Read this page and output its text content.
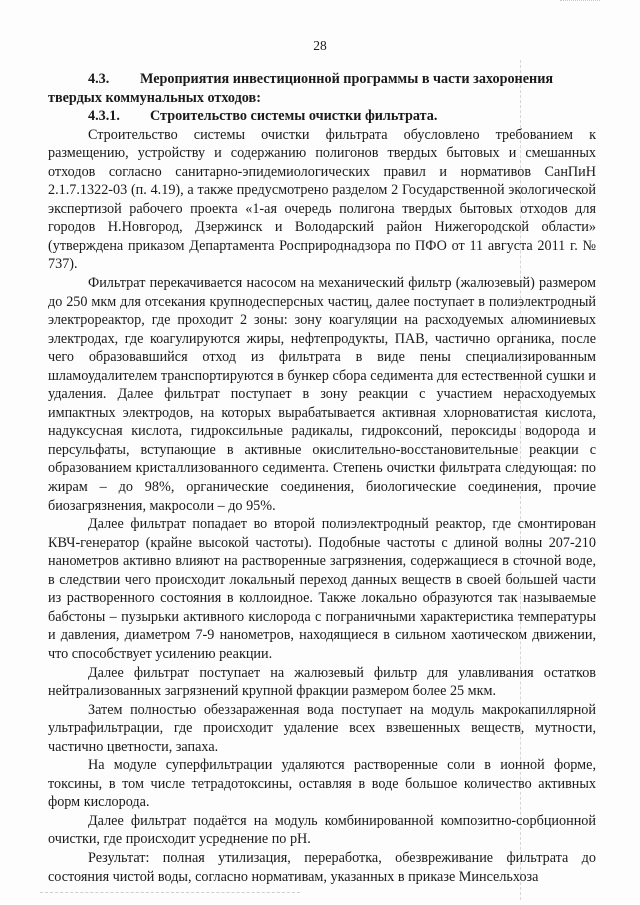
28

4.3. Мероприятия инвестиционной программы в части захоронения

твердых коммунальных отходов:

4.3.1. Строительство системы очистки фильтрата.

Строительство системы очистки фильтрата обусловлено требованием к размещению, устройству и содержанию полигонов твердых бытовых и смешанных отходов согласно санитарно-эпидемиологических правил и нормативов СанПиН 2.1.7.1322-03 (п. 4.19), а также предусмотрено разделом 2 Государственной экологической экспертизой рабочего проекта «1-ая очередь полигона твердых бытовых отходов для городов Н.Новгород, Дзержинск и Володарский район Нижегородской области» (утверждена приказом Департамента Росприроднадзора по ПФО от 11 августа 2011 г. № 737).

Фильтрат перекачивается насосом на механический фильтр (жалюзевый) размером до 250 мкм для отсекания крупнодесперсных частиц, далее поступает в полиэлектродный электрореактор, где проходит 2 зоны: зону коагуляции на расходуемых алюминиевых электродах, где коагулируются жиры, нефтепродукты, ПАВ, частично органика, после чего образовавшийся отход из фильтрата в виде пены специализированным шламоудалителем транспортируются в бункер сбора седимента для естественной сушки и удаления. Далее фильтрат поступает в зону реакции с участием нерасходуемых импактных электродов, на которых вырабатывается активная хлорноватистая кислота, надуксусная кислота, гидроксильные радикалы, гидроксоний, пероксиды водорода и персульфаты, вступающие в активные окислительно-восстановительные реакции с образованием кристаллизованного седимента. Степень очистки фильтрата следующая: по жирам – до 98%, органические соединения, биологические соединения, прочие биозагрязнения, макросоли – до 95%.

Далее фильтрат попадает во второй полиэлектродный реактор, где смонтирован КВЧ-генератор (крайне высокой частоты). Подобные частоты с длиной волны 207-210 нанометров активно влияют на растворенные загрязнения, содержащиеся в сточной воде, в следствии чего происходит локальный переход данных веществ в своей большей части из растворенного состояния в коллоидное. Также локально образуются так называемые бабстоны – пузырьки активного кислорода с пограничными характеристика температуры и давления, диаметром 7-9 нанометров, находящиеся в сильном хаотическом движении, что способствует усилению реакции.

Далее фильтрат поступает на жалюзевый фильтр для улавливания остатков нейтрализованных загрязнений крупной фракции размером более 25 мкм.

Затем полностью обеззараженная вода поступает на модуль макрокапиллярной ультрафильтрации, где происходит удаление всех взвешенных веществ, мутности, частично цветности, запаха.

На модуле суперфильтрации удаляются растворенные соли в ионной форме, токсины, в том числе тетрадотоксины, оставляя в воде большое количество активных форм кислорода.

Далее фильтрат подаётся на модуль комбинированной композитно-сорбционной очистки, где происходит усреднение по pH.

Результат: полная утилизация, переработка, обезвреживание фильтрата до состояния чистой воды, согласно нормативам, указанных в приказе Минсельхоза
